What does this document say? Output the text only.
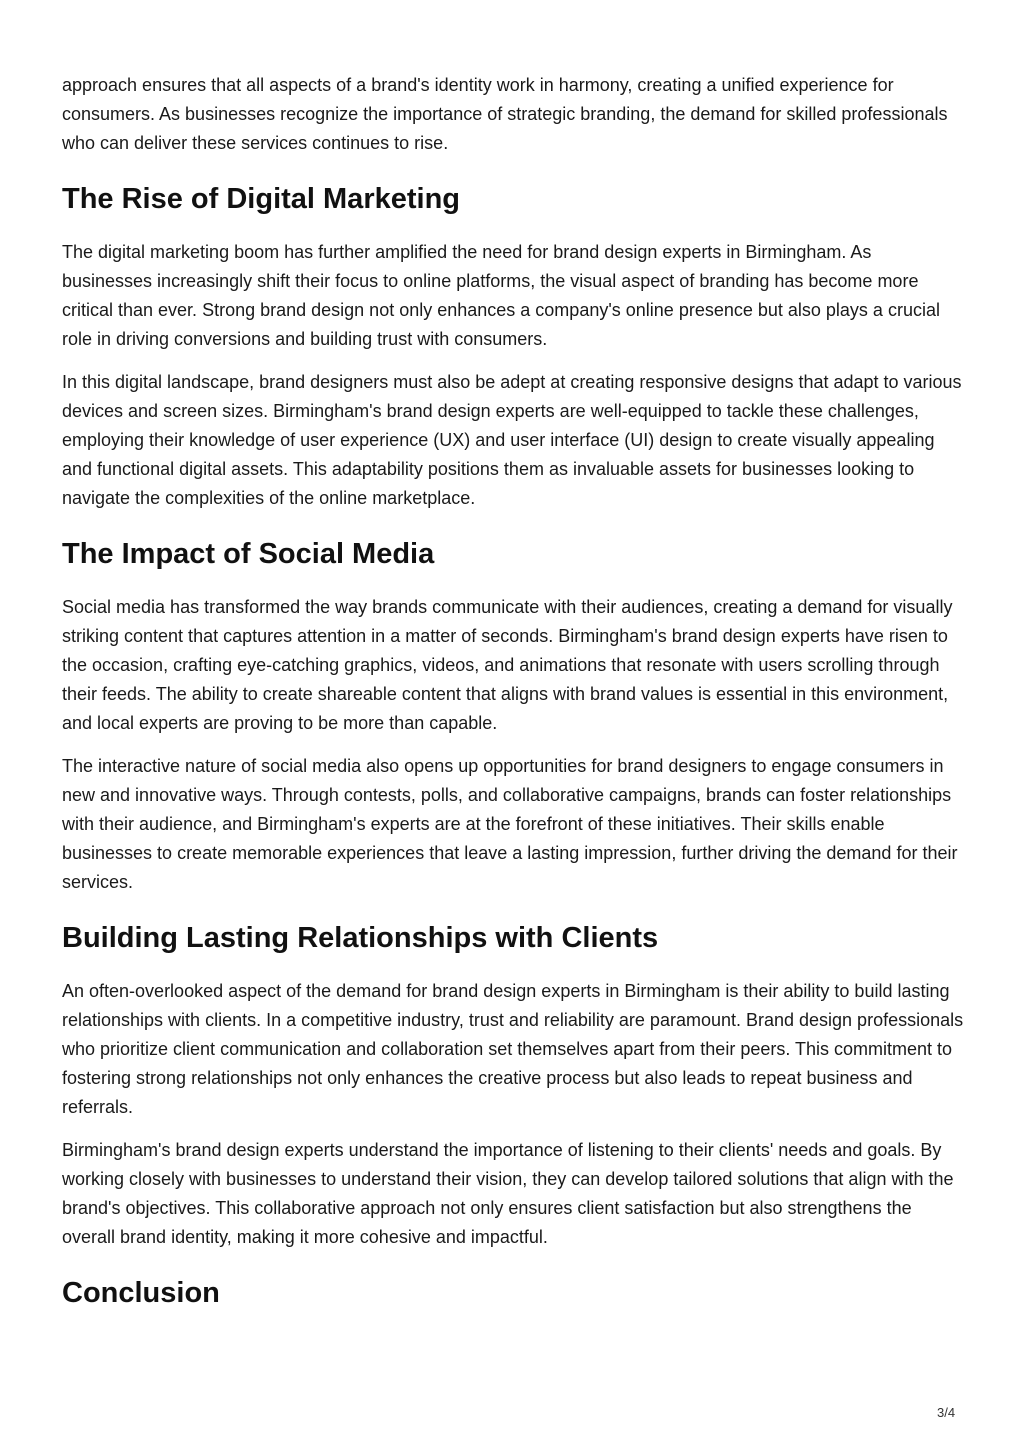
approach ensures that all aspects of a brand's identity work in harmony, creating a unified experience for consumers. As businesses recognize the importance of strategic branding, the demand for skilled professionals who can deliver these services continues to rise.

The Rise of Digital Marketing

The digital marketing boom has further amplified the need for brand design experts in Birmingham. As businesses increasingly shift their focus to online platforms, the visual aspect of branding has become more critical than ever. Strong brand design not only enhances a company's online presence but also plays a crucial role in driving conversions and building trust with consumers.

In this digital landscape, brand designers must also be adept at creating responsive designs that adapt to various devices and screen sizes. Birmingham's brand design experts are well-equipped to tackle these challenges, employing their knowledge of user experience (UX) and user interface (UI) design to create visually appealing and functional digital assets. This adaptability positions them as invaluable assets for businesses looking to navigate the complexities of the online marketplace.

The Impact of Social Media

Social media has transformed the way brands communicate with their audiences, creating a demand for visually striking content that captures attention in a matter of seconds. Birmingham's brand design experts have risen to the occasion, crafting eye-catching graphics, videos, and animations that resonate with users scrolling through their feeds. The ability to create shareable content that aligns with brand values is essential in this environment, and local experts are proving to be more than capable.

The interactive nature of social media also opens up opportunities for brand designers to engage consumers in new and innovative ways. Through contests, polls, and collaborative campaigns, brands can foster relationships with their audience, and Birmingham's experts are at the forefront of these initiatives. Their skills enable businesses to create memorable experiences that leave a lasting impression, further driving the demand for their services.

Building Lasting Relationships with Clients

An often-overlooked aspect of the demand for brand design experts in Birmingham is their ability to build lasting relationships with clients. In a competitive industry, trust and reliability are paramount. Brand design professionals who prioritize client communication and collaboration set themselves apart from their peers. This commitment to fostering strong relationships not only enhances the creative process but also leads to repeat business and referrals.

Birmingham's brand design experts understand the importance of listening to their clients' needs and goals. By working closely with businesses to understand their vision, they can develop tailored solutions that align with the brand's objectives. This collaborative approach not only ensures client satisfaction but also strengthens the overall brand identity, making it more cohesive and impactful.

Conclusion
3/4
